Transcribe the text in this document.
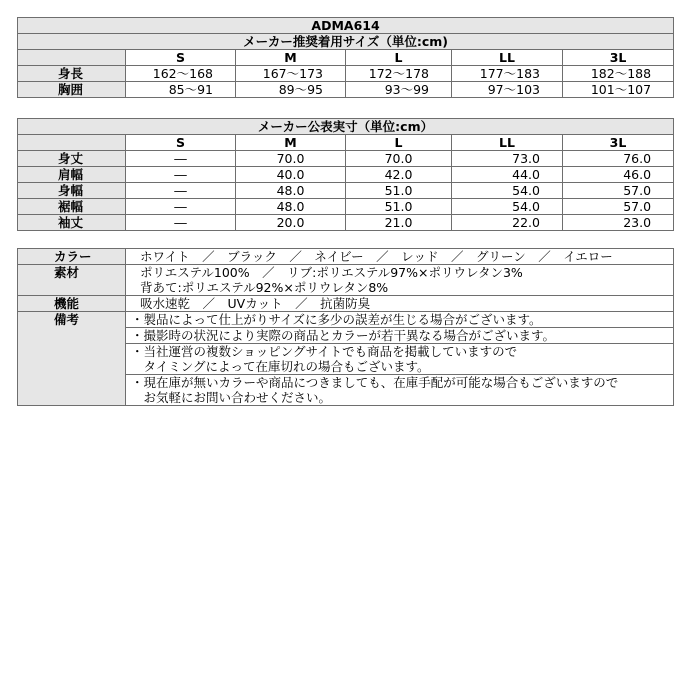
ADMA614					
メーカー推奨着用サイズ（単位:cm)					
	S	M	L	LL	3L
身長	162～168	167～173	172～178	177～183	182～188
胸囲	85～91	89～95	93～99	97～103	101～107
メーカー公表実寸（単位:cm）					
	S	M	L	LL	3L
身丈	―	70.0	70.0	73.0	76.0
肩幅	―	40.0	42.0	44.0	46.0
身幅	―	48.0	51.0	54.0	57.0
裾幅	―	48.0	51.0	54.0	57.0
袖丈	―	20.0	21.0	22.0	23.0
カラー	ホワイト　／　ブラック　／　ネイビー　／　レッド　／　グリーン　／　イエロー
素材	ポリエステル100%　／　リブ:ポリエステル97%×ポリウレタン3%
背あて:ポリエステル92%×ポリウレタン8%

機能	吸水速乾　／　UVカット　／　抗菌防臭
備考	・製品によって仕上がりサイズに多少の誤差が生じる場合がございます。

	・撮影時の状況により実際の商品とカラーが若干異なる場合がございます。

	・当社運営の複数ショッピングサイトでも商品を掲載していますので
　タイミングによって在庫切れの場合もございます。

	・現在庫が無いカラーや商品につきましても、在庫手配が可能な場合もございますので
　お気軽にお問い合わせください。
